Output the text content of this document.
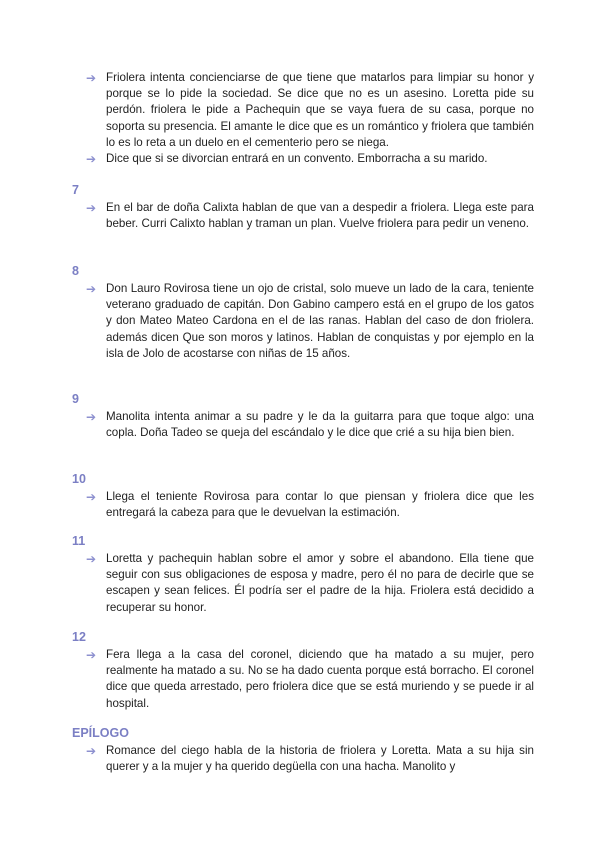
➔ Friolera intenta concienciarse de que tiene que matarlos para limpiar su honor y porque se lo pide la sociedad. Se dice que no es un asesino. Loretta pide su perdón. friolera le pide a Pachequin que se vaya fuera de su casa, porque no soporta su presencia. El amante le dice que es un romántico y friolera que también lo es lo reta a un duelo en el cementerio pero se niega.
➔ Dice que si se divorcian entrará en un convento. Emborracha a su marido.
7
➔ En el bar de doña Calixta hablan de que van a despedir a friolera. Llega este para beber. Curri Calixto hablan y traman un plan. Vuelve friolera para pedir un veneno.
8
➔ Don Lauro Rovirosa tiene un ojo de cristal, solo mueve un lado de la cara, teniente veterano graduado de capitán. Don Gabino campero está en el grupo de los gatos y don Mateo Mateo Cardona en el de las ranas. Hablan del caso de don friolera. además dicen Que son moros y latinos. Hablan de conquistas y por ejemplo en la isla de Jolo de acostarse con niñas de 15 años.
9
➔ Manolita intenta animar a su padre y le da la guitarra para que toque algo: una copla. Doña Tadeo se queja del escándalo y le dice que crié a su hija bien bien.
10
➔ Llega el teniente Rovirosa para contar lo que piensan y friolera dice que les entregará la cabeza para que le devuelvan la estimación.
11
➔ Loretta y pachequin hablan sobre el amor y sobre el abandono. Ella tiene que seguir con sus obligaciones de esposa y madre, pero él no para de decirle que se escapen y sean felices. Él podría ser el padre de la hija. Friolera está decidido a recuperar su honor.
12
➔ Fera llega a la casa del coronel, diciendo que ha matado a su mujer, pero realmente ha matado a su. No se ha dado cuenta porque está borracho. El coronel dice que queda arrestado, pero friolera dice que se está muriendo y se puede ir al hospital.
EPÍLOGO
➔ Romance del ciego habla de la historia de friolera y Loretta. Mata a su hija sin querer y a la mujer y ha querido degüella con una hacha. Manolito y
